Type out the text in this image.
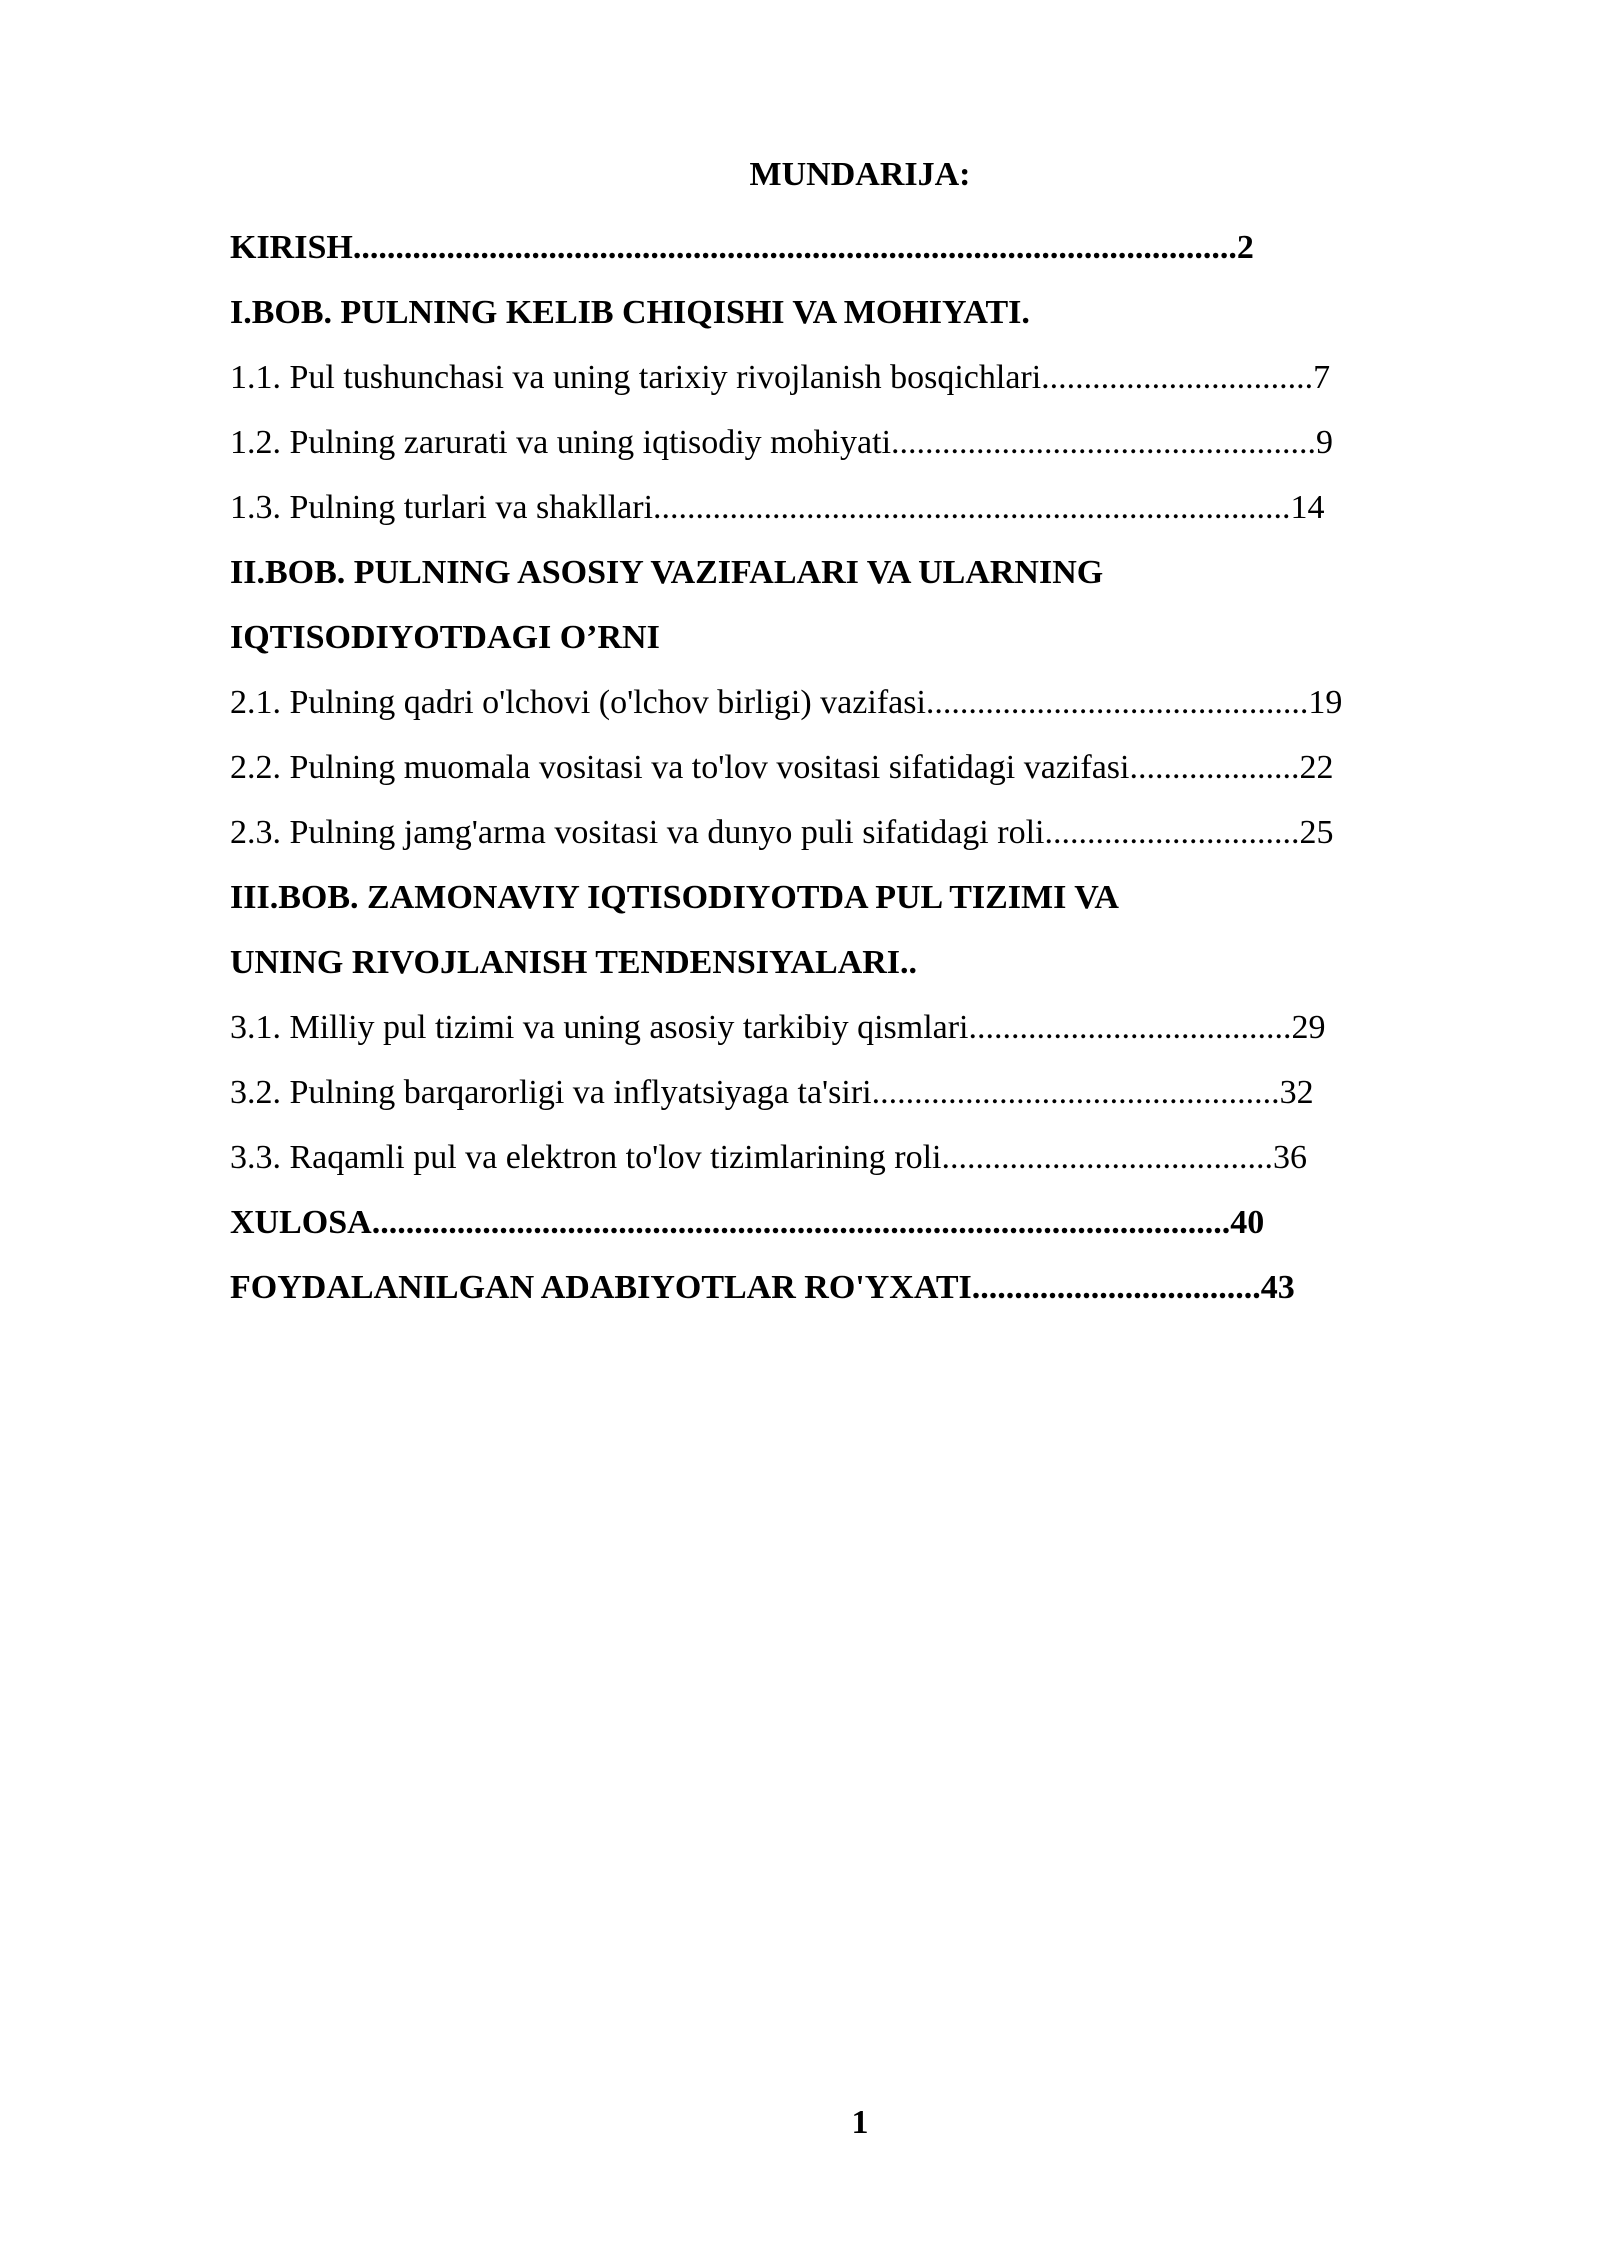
MUNDARIJA:
KIRISH........................................................................................................2
I.BOB. PULNING KELIB CHIQISHI VA MOHIYATI.
1.1. Pul tushunchasi va uning tarixiy rivojlanish bosqichlari................................7
1.2. Pulning zarurati va uning iqtisodiy mohiyati..................................................9
1.3. Pulning turlari va shakllari...........................................................................14
II.BOB. PULNING ASOSIY VAZIFALARI VA ULARNING
IQTISODIYOTDAGI O’RNI
2.1. Pulning qadri o'lchovi (o'lchov birligi) vazifasi.............................................19
2.2. Pulning muomala vositasi va to'lov vositasi sifatidagi vazifasi....................22
2.3. Pulning jamg'arma vositasi va dunyo puli sifatidagi roli..............................25
III.BOB. ZAMONAVIY IQTISODIYOTDA PUL TIZIMI VA
UNING RIVOJLANISH TENDENSIYALARI..
3.1. Milliy pul tizimi va uning asosiy tarkibiy qismlari......................................29
3.2. Pulning barqarorligi va inflyatsiyaga ta'siri................................................32
3.3. Raqamli pul va elektron to'lov tizimlarining roli.......................................36
XULOSA.....................................................................................................40
FOYDALANILGAN ADABIYOTLAR RO'YXATI..................................43
1
